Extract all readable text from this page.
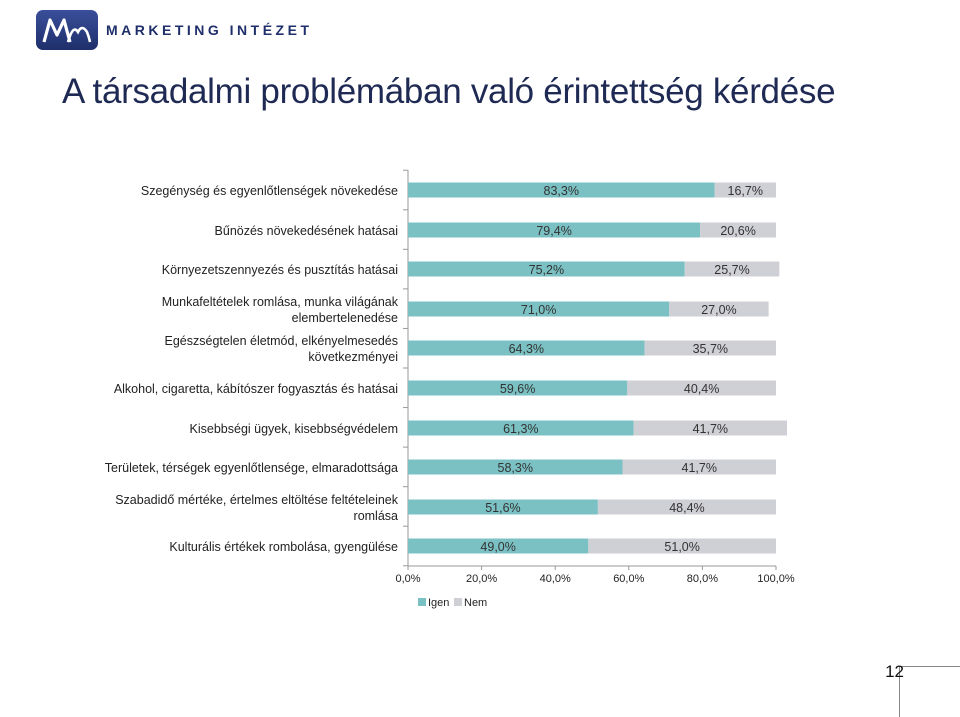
MARKETING INTÉZET
A társadalmi problémában való érintettség kérdése
0,0%	20,0%	40,0%	60,0%	80,0%	100,0%
Szegénység és egyenlőtlenségek növekedése
Bűnözés növekedésének hatásai
Környezetszennyezés és pusztítás hatásai
Munkafeltételek romlása, munka világának
elembertelenedése
Egészségtelen életmód, elkényelmesedés
következményei
Alkohol, cigaretta, kábítószer fogyasztás és hatásai
Kisebbségi ügyek, kisebbségvédelem
Területek, térségek egyenlőtlensége, elmaradottsága
Szabadidő mértéke, értelmes eltöltése feltételeinek
romlása
Kulturális értékek rombolása, gyengülése
83,3%	16,7%
79,4%	20,6%
75,2%	25,7%
71,0%	27,0%
64,3%	35,7%
59,6%	40,4%
61,3%	41,7%
58,3%	41,7%
51,6%	48,4%
49,0%	51,0%
Igen Nem
12
